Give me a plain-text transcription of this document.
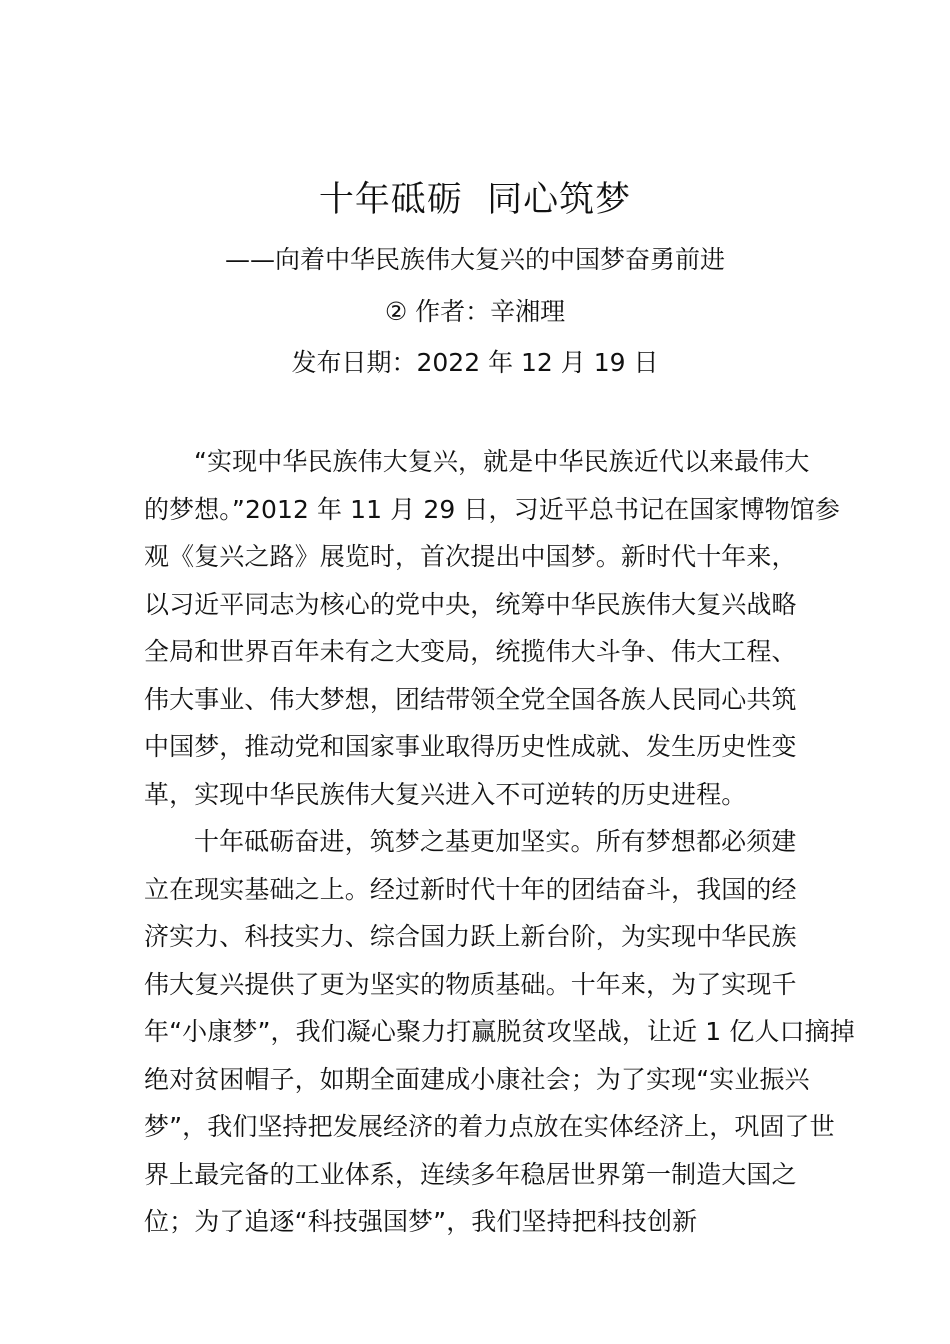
十年砥砺  同心筑梦
——向着中华民族伟大复兴的中国梦奋勇前进
② 作者：辛湘理
发布日期：2022 年 12 月 19 日
“实现中华民族伟大复兴，就是中华民族近代以来最伟大
的梦想。”2012 年 11 月 29 日，习近平总书记在国家博物馆参
观《复兴之路》展览时，首次提出中国梦。新时代十年来，
以习近平同志为核心的党中央，统筹中华民族伟大复兴战略
全局和世界百年未有之大变局，统揽伟大斗争、伟大工程、
伟大事业、伟大梦想，团结带领全党全国各族人民同心共筑
中国梦，推动党和国家事业取得历史性成就、发生历史性变
革，实现中华民族伟大复兴进入不可逆转的历史进程。
十年砥砺奋进，筑梦之基更加坚实。所有梦想都必须建
立在现实基础之上。经过新时代十年的团结奋斗，我国的经
济实力、科技实力、综合国力跃上新台阶，为实现中华民族
伟大复兴提供了更为坚实的物质基础。十年来，为了实现千
年“小康梦”，我们凝心聚力打赢脱贫攻坚战，让近 1 亿人口摘掉
绝对贫困帽子，如期全面建成小康社会；为了实现“实业振兴
梦”，我们坚持把发展经济的着力点放在实体经济上，巩固了世
界上最完备的工业体系，连续多年稳居世界第一制造大国之
位；为了追逐“科技强国梦”，我们坚持把科技创新
